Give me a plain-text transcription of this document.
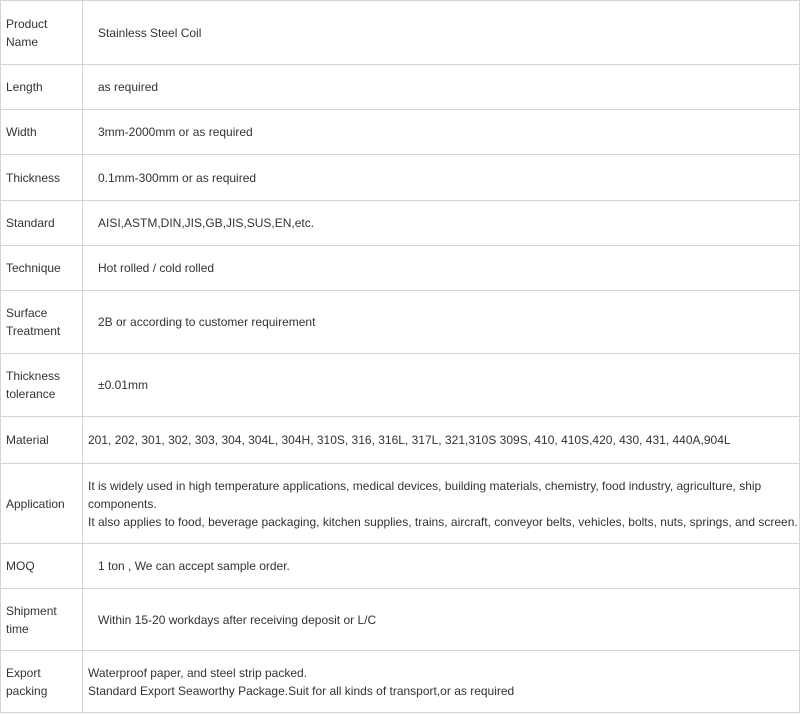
Product Name	Stainless Steel Coil
Length	as required
Width	3mm-2000mm or as required
Thickness	0.1mm-300mm or as required
Standard	AISI,ASTM,DIN,JIS,GB,JIS,SUS,EN,etc.
Technique	Hot rolled / cold rolled
Surface Treatment	2B or according to customer requirement
Thickness tolerance	±0.01mm
Material	201, 202, 301, 302, 303, 304, 304L, 304H, 310S, 316, 316L, 317L, 321,310S 309S, 410, 410S,420, 430, 431, 440A,904L
Application	It is widely used in high temperature applications, medical devices, building materials, chemistry, food industry, agriculture, ship components.
It also applies to food, beverage packaging, kitchen supplies, trains, aircraft, conveyor belts, vehicles, bolts, nuts, springs, and screen.

MOQ	1 ton , We can accept sample order.
Shipment time	Within 15-20 workdays after receiving deposit or L/C
Export packing	Waterproof paper, and steel strip packed.
Standard Export Seaworthy Package.Suit for all kinds of transport,or as required
